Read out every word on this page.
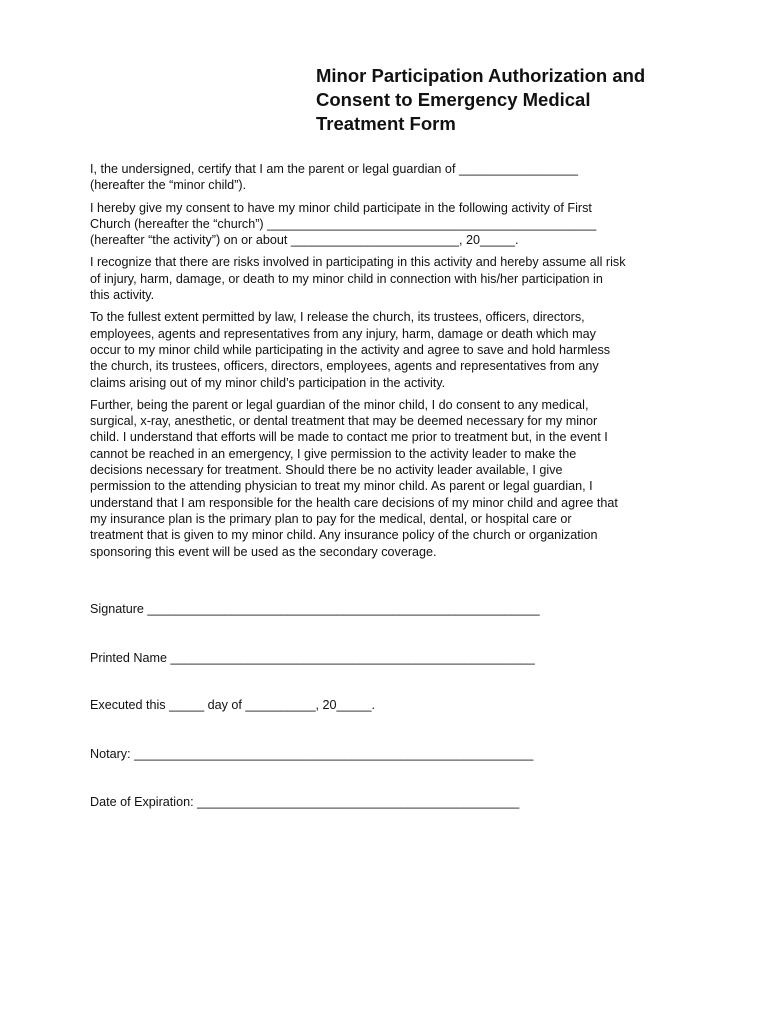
Minor Participation Authorization and
Consent to Emergency Medical
Treatment Form

I, the undersigned, certify that I am the parent or legal guardian of _________________
(hereafter the “minor child”).

I hereby give my consent to have my minor child participate in the following activity of First
Church (hereafter the “church”) _______________________________________________
(hereafter “the activity”) on or about ________________________, 20_____.

I recognize that there are risks involved in participating in this activity and hereby assume all risk
of injury, harm, damage, or death to my minor child in connection with his/her participation in
this activity.

To the fullest extent permitted by law, I release the church, its trustees, officers, directors,
employees, agents and representatives from any injury, harm, damage or death which may
occur to my minor child while participating in the activity and agree to save and hold harmless
the church, its trustees, officers, directors, employees, agents and representatives from any
claims arising out of my minor child’s participation in the activity.

Further, being the parent or legal guardian of the minor child, I do consent to any medical,
surgical, x-ray, anesthetic, or dental treatment that may be deemed necessary for my minor
child. I understand that efforts will be made to contact me prior to treatment but, in the event I
cannot be reached in an emergency, I give permission to the activity leader to make the
decisions necessary for treatment. Should there be no activity leader available, I give
permission to the attending physician to treat my minor child. As parent or legal guardian, I
understand that I am responsible for the health care decisions of my minor child and agree that
my insurance plan is the primary plan to pay for the medical, dental, or hospital care or
treatment that is given to my minor child. Any insurance policy of the church or organization
sponsoring this event will be used as the secondary coverage.

Signature ________________________________________________________

Printed Name ____________________________________________________

Executed this _____ day of __________, 20_____.

Notary: _________________________________________________________

Date of Expiration: ______________________________________________
